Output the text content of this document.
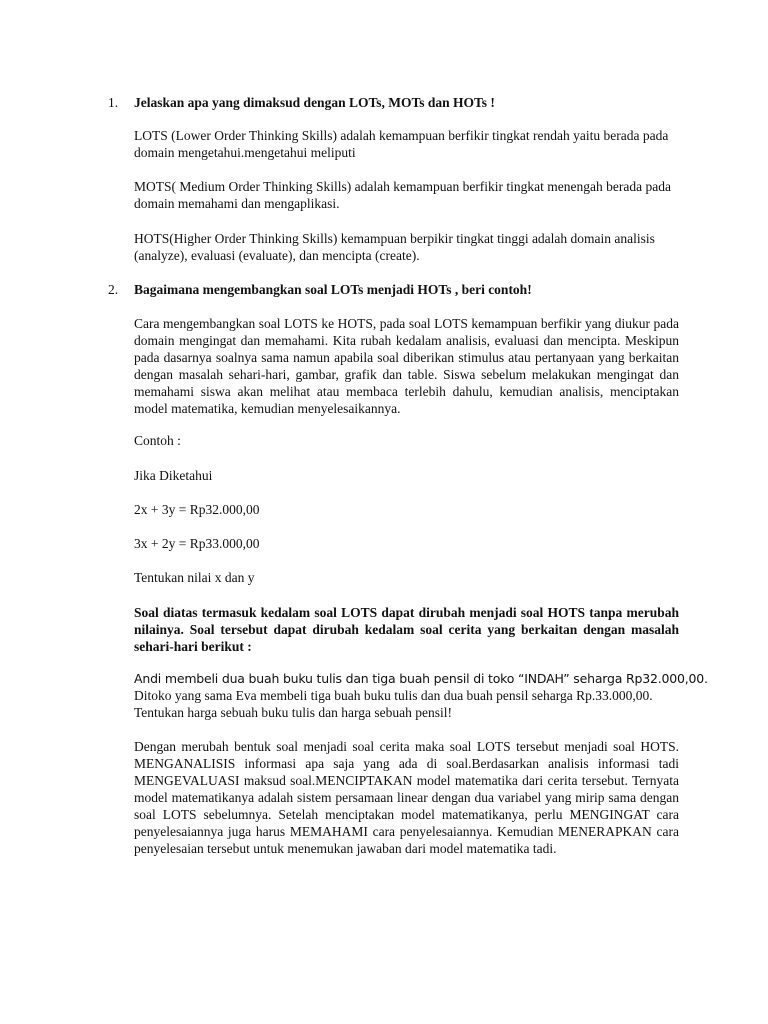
1.	Jelaskan apa yang dimaksud dengan LOTs, MOTs dan HOTs !

LOTS (Lower Order Thinking Skills) adalah kemampuan berfikir tingkat rendah yaitu berada pada domain mengetahui.mengetahui meliputi

MOTS( Medium Order Thinking Skills) adalah kemampuan berfikir tingkat menengah berada pada domain memahami dan mengaplikasi.

HOTS(Higher Order Thinking Skills) kemampuan berpikir tingkat tinggi adalah domain analisis (analyze), evaluasi (evaluate), dan mencipta (create).

2.	Bagaimana mengembangkan soal LOTs menjadi HOTs , beri contoh!

Cara mengembangkan soal LOTS ke HOTS, pada soal LOTS kemampuan berfikir yang diukur pada domain mengingat dan memahami. Kita rubah kedalam analisis, evaluasi dan mencipta. Meskipun pada dasarnya soalnya sama namun apabila soal diberikan stimulus atau pertanyaan yang berkaitan dengan masalah sehari-hari, gambar, grafik dan table. Siswa sebelum melakukan mengingat dan memahami siswa akan melihat atau membaca terlebih dahulu, kemudian analisis, menciptakan model matematika, kemudian menyelesaikannya.

Contoh :

Jika Diketahui

2x + 3y = Rp32.000,00

3x + 2y = Rp33.000,00

Tentukan nilai x dan y

Soal diatas termasuk kedalam soal LOTS dapat dirubah menjadi soal HOTS tanpa merubah nilainya. Soal tersebut dapat dirubah kedalam soal cerita yang berkaitan dengan masalah sehari-hari berikut :

Andi membeli dua buah buku tulis dan tiga buah pensil di toko “INDAH” seharga Rp32.000,00.

Ditoko yang sama Eva membeli tiga buah buku tulis dan dua buah pensil seharga Rp.33.000,00.

Tentukan harga sebuah buku tulis dan harga sebuah pensil!

Dengan merubah bentuk soal menjadi soal cerita maka soal LOTS tersebut menjadi soal HOTS. MENGANALISIS informasi apa saja yang ada di soal.Berdasarkan analisis informasi tadi MENGEVALUASI maksud soal.MENCIPTAKAN model matematika dari cerita tersebut. Ternyata model matematikanya adalah sistem persamaan linear dengan dua variabel yang mirip sama dengan soal LOTS sebelumnya. Setelah menciptakan model matematikanya, perlu MENGINGAT cara penyelesaiannya juga harus MEMAHAMI cara penyelesaiannya. Kemudian MENERAPKAN cara penyelesaian tersebut untuk menemukan jawaban dari model matematika tadi.
